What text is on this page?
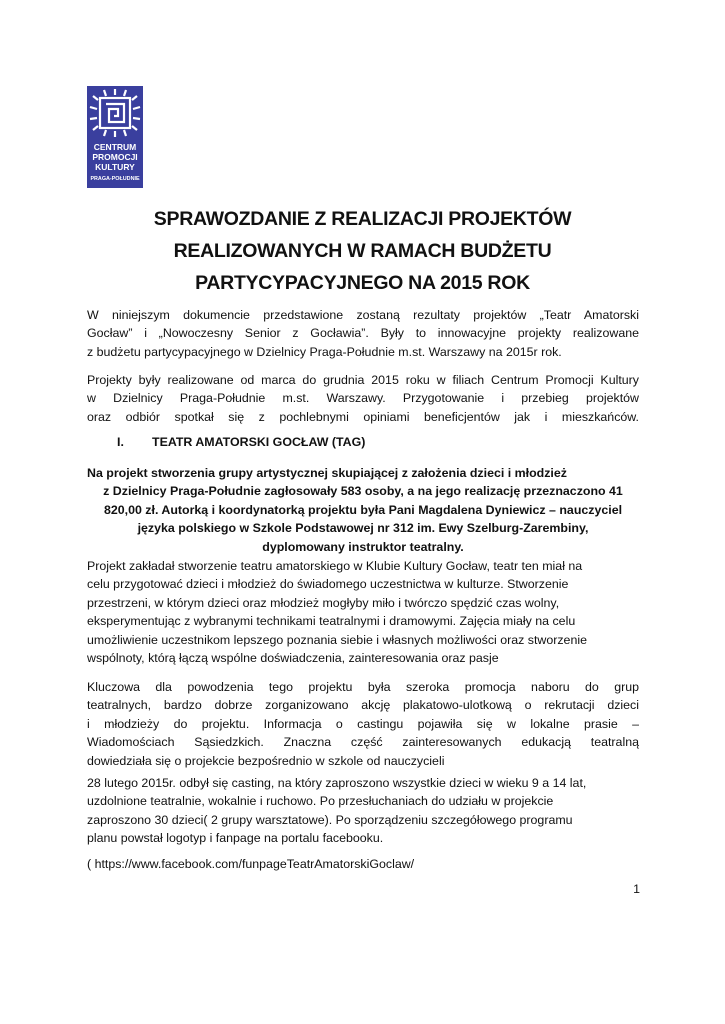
CENTRUM
PROMOCJI
KULTURY
PRAGA-POŁUDNIE
SPRAWOZDANIE Z REALIZACJI PROJEKTÓW
REALIZOWANYCH W RAMACH BUDŻETU
PARTYCYPACYJNEGO NA 2015 ROK
W niniejszym dokumencie przedstawione zostaną rezultaty projektów „Teatr Amatorski
Gocław” i „Nowoczesny Senior z Gocławia”. Były to innowacyjne projekty realizowane
z budżetu partycypacyjnego w Dzielnicy Praga-Południe m.st. Warszawy na 2015r rok.
Projekty były realizowane od marca do grudnia 2015 roku w filiach Centrum Promocji Kultury
w Dzielnicy Praga-Południe m.st. Warszawy. Przygotowanie i przebieg projektów
oraz odbiór spotkał się z pochlebnymi opiniami beneficjentów jak i mieszkańców.
I. TEATR AMATORSKI GOCŁAW (TAG)
Na projekt stworzenia grupy artystycznej skupiającej z założenia dzieci i młodzież
z Dzielnicy Praga-Południe zagłosowały 583 osoby, a na jego realizację przeznaczono 41
820,00 zł. Autorką i koordynatorką projektu była Pani Magdalena Dyniewicz – nauczyciel
języka polskiego w Szkole Podstawowej nr 312 im. Ewy Szelburg-Zarembiny,
dyplomowany instruktor teatralny.
Projekt zakładał stworzenie teatru amatorskiego w Klubie Kultury Gocław, teatr ten miał na
celu przygotować dzieci i młodzież do świadomego uczestnictwa w kulturze. Stworzenie
przestrzeni, w którym dzieci oraz młodzież mogłyby miło i twórczo spędzić czas wolny,
eksperymentując z wybranymi technikami teatralnymi i dramowymi. Zajęcia miały na celu
umożliwienie uczestnikom lepszego poznania siebie i własnych możliwości oraz stworzenie
wspólnoty, którą łączą wspólne doświadczenia, zainteresowania oraz pasje
Kluczowa dla powodzenia tego projektu była szeroka promocja naboru do grup
teatralnych, bardzo dobrze zorganizowano akcję plakatowo-ulotkową o rekrutacji dzieci
i młodzieży do projektu. Informacja o castingu pojawiła się w lokalne prasie –
Wiadomościach Sąsiedzkich. Znaczna część zainteresowanych edukacją teatralną
dowiedziała się o projekcie bezpośrednio w szkole od nauczycieli
28 lutego 2015r. odbył się casting, na który zaproszono wszystkie dzieci w wieku 9 a 14 lat,
uzdolnione teatralnie, wokalnie i ruchowo. Po przesłuchaniach do udziału w projekcie
zaproszono 30 dzieci( 2 grupy warsztatowe). Po sporządzeniu szczegółowego programu
planu powstał logotyp i fanpage na portalu facebooku.
( https://www.facebook.com/funpageTeatrAmatorskiGoclaw/
1
